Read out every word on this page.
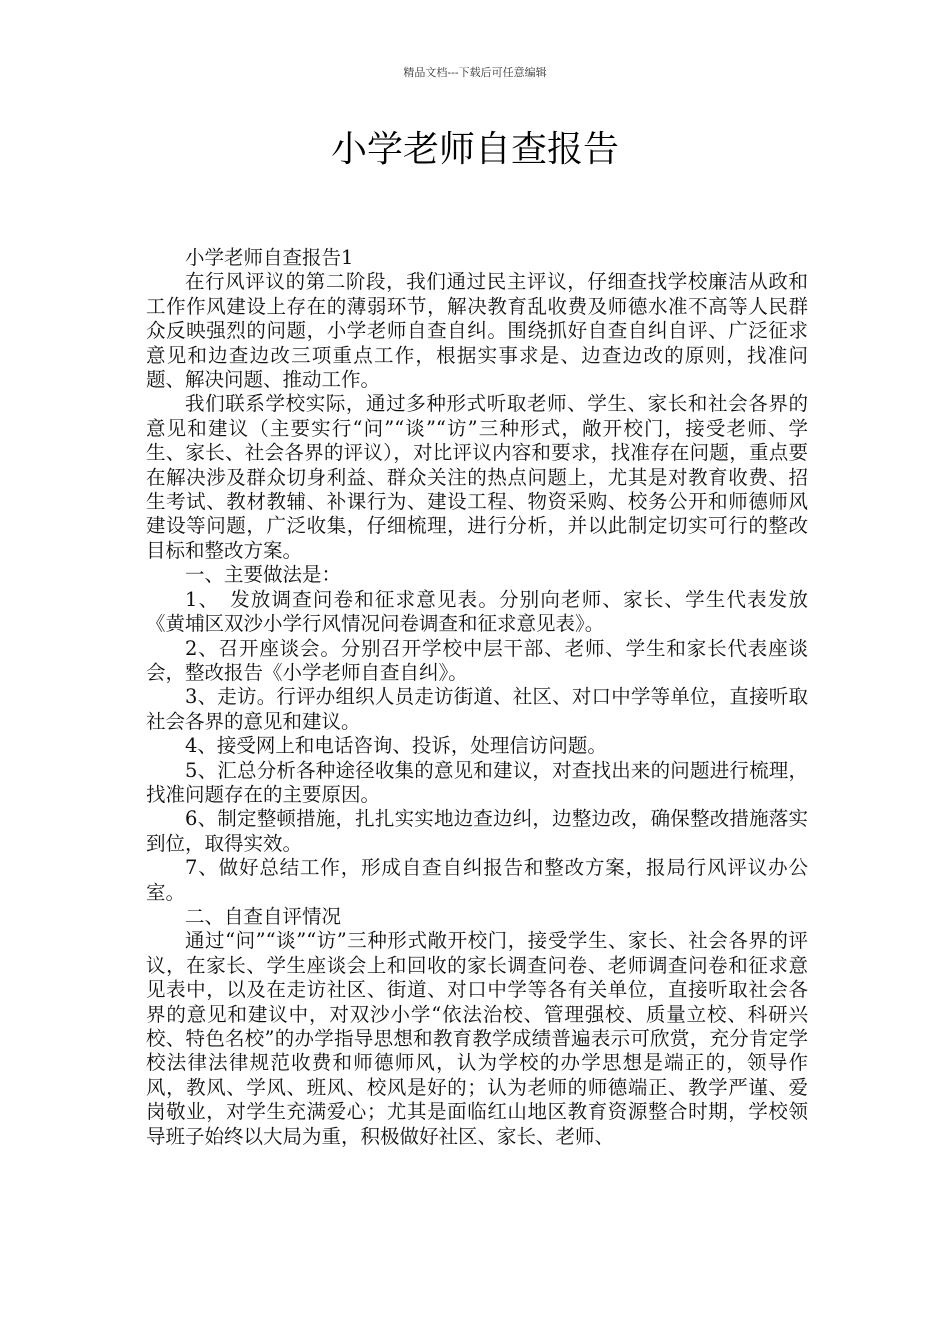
精品文档---下载后可任意编辑
小学老师自查报告

小学老师自查报告1

在行风评议的第二阶段，我们通过民主评议，仔细查找学校廉洁从政和工作作风建设上存在的薄弱环节，解决教育乱收费及师德水准不高等人民群众反映强烈的问题，小学老师自查自纠。围绕抓好自查自纠自评、广泛征求意见和边查边改三项重点工作，根据实事求是、边查边改的原则，找准问题、解决问题、推动工作。

我们联系学校实际，通过多种形式听取老师、学生、家长和社会各界的意见和建议（主要实行“问”“谈”“访”三种形式，敞开校门，接受老师、学生、家长、社会各界的评议），对比评议内容和要求，找准存在问题，重点要在解决涉及群众切身利益、群众关注的热点问题上，尤其是对教育收费、招生考试、教材教辅、补课行为、建设工程、物资采购、校务公开和师德师风建设等问题，广泛收集，仔细梳理，进行分析，并以此制定切实可行的整改目标和整改方案。

一、主要做法是：

1、　发放调查问卷和征求意见表。分别向老师、家长、学生代表发放《黄埔区双沙小学行风情况问卷调查和征求意见表》。

2、召开座谈会。分别召开学校中层干部、老师、学生和家长代表座谈会，整改报告《小学老师自查自纠》。

3、走访。行评办组织人员走访街道、社区、对口中学等单位，直接听取社会各界的意见和建议。

4、接受网上和电话咨询、投诉，处理信访问题。

5、汇总分析各种途径收集的意见和建议，对查找出来的问题进行梳理，找准问题存在的主要原因。

6、制定整顿措施，扎扎实实地边查边纠，边整边改，确保整改措施落实到位，取得实效。

7、做好总结工作，形成自查自纠报告和整改方案，报局行风评议办公室。

二、自查自评情况

通过“问”“谈”“访”三种形式敞开校门，接受学生、家长、社会各界的评议，在家长、学生座谈会上和回收的家长调查问卷、老师调查问卷和征求意见表中，以及在走访社区、街道、对口中学等各有关单位，直接听取社会各界的意见和建议中，对双沙小学“依法治校、管理强校、质量立校、科研兴校、特色名校”的办学指导思想和教育教学成绩普遍表示可欣赏，充分肯定学校法律法律规范收费和师德师风，认为学校的办学思想是端正的，领导作风，教风、学风、班风、校风是好的；认为老师的师德端正、教学严谨、爱岗敬业，对学生充满爱心；尤其是面临红山地区教育资源整合时期，学校领导班子始终以大局为重，积极做好社区、家长、老师、
